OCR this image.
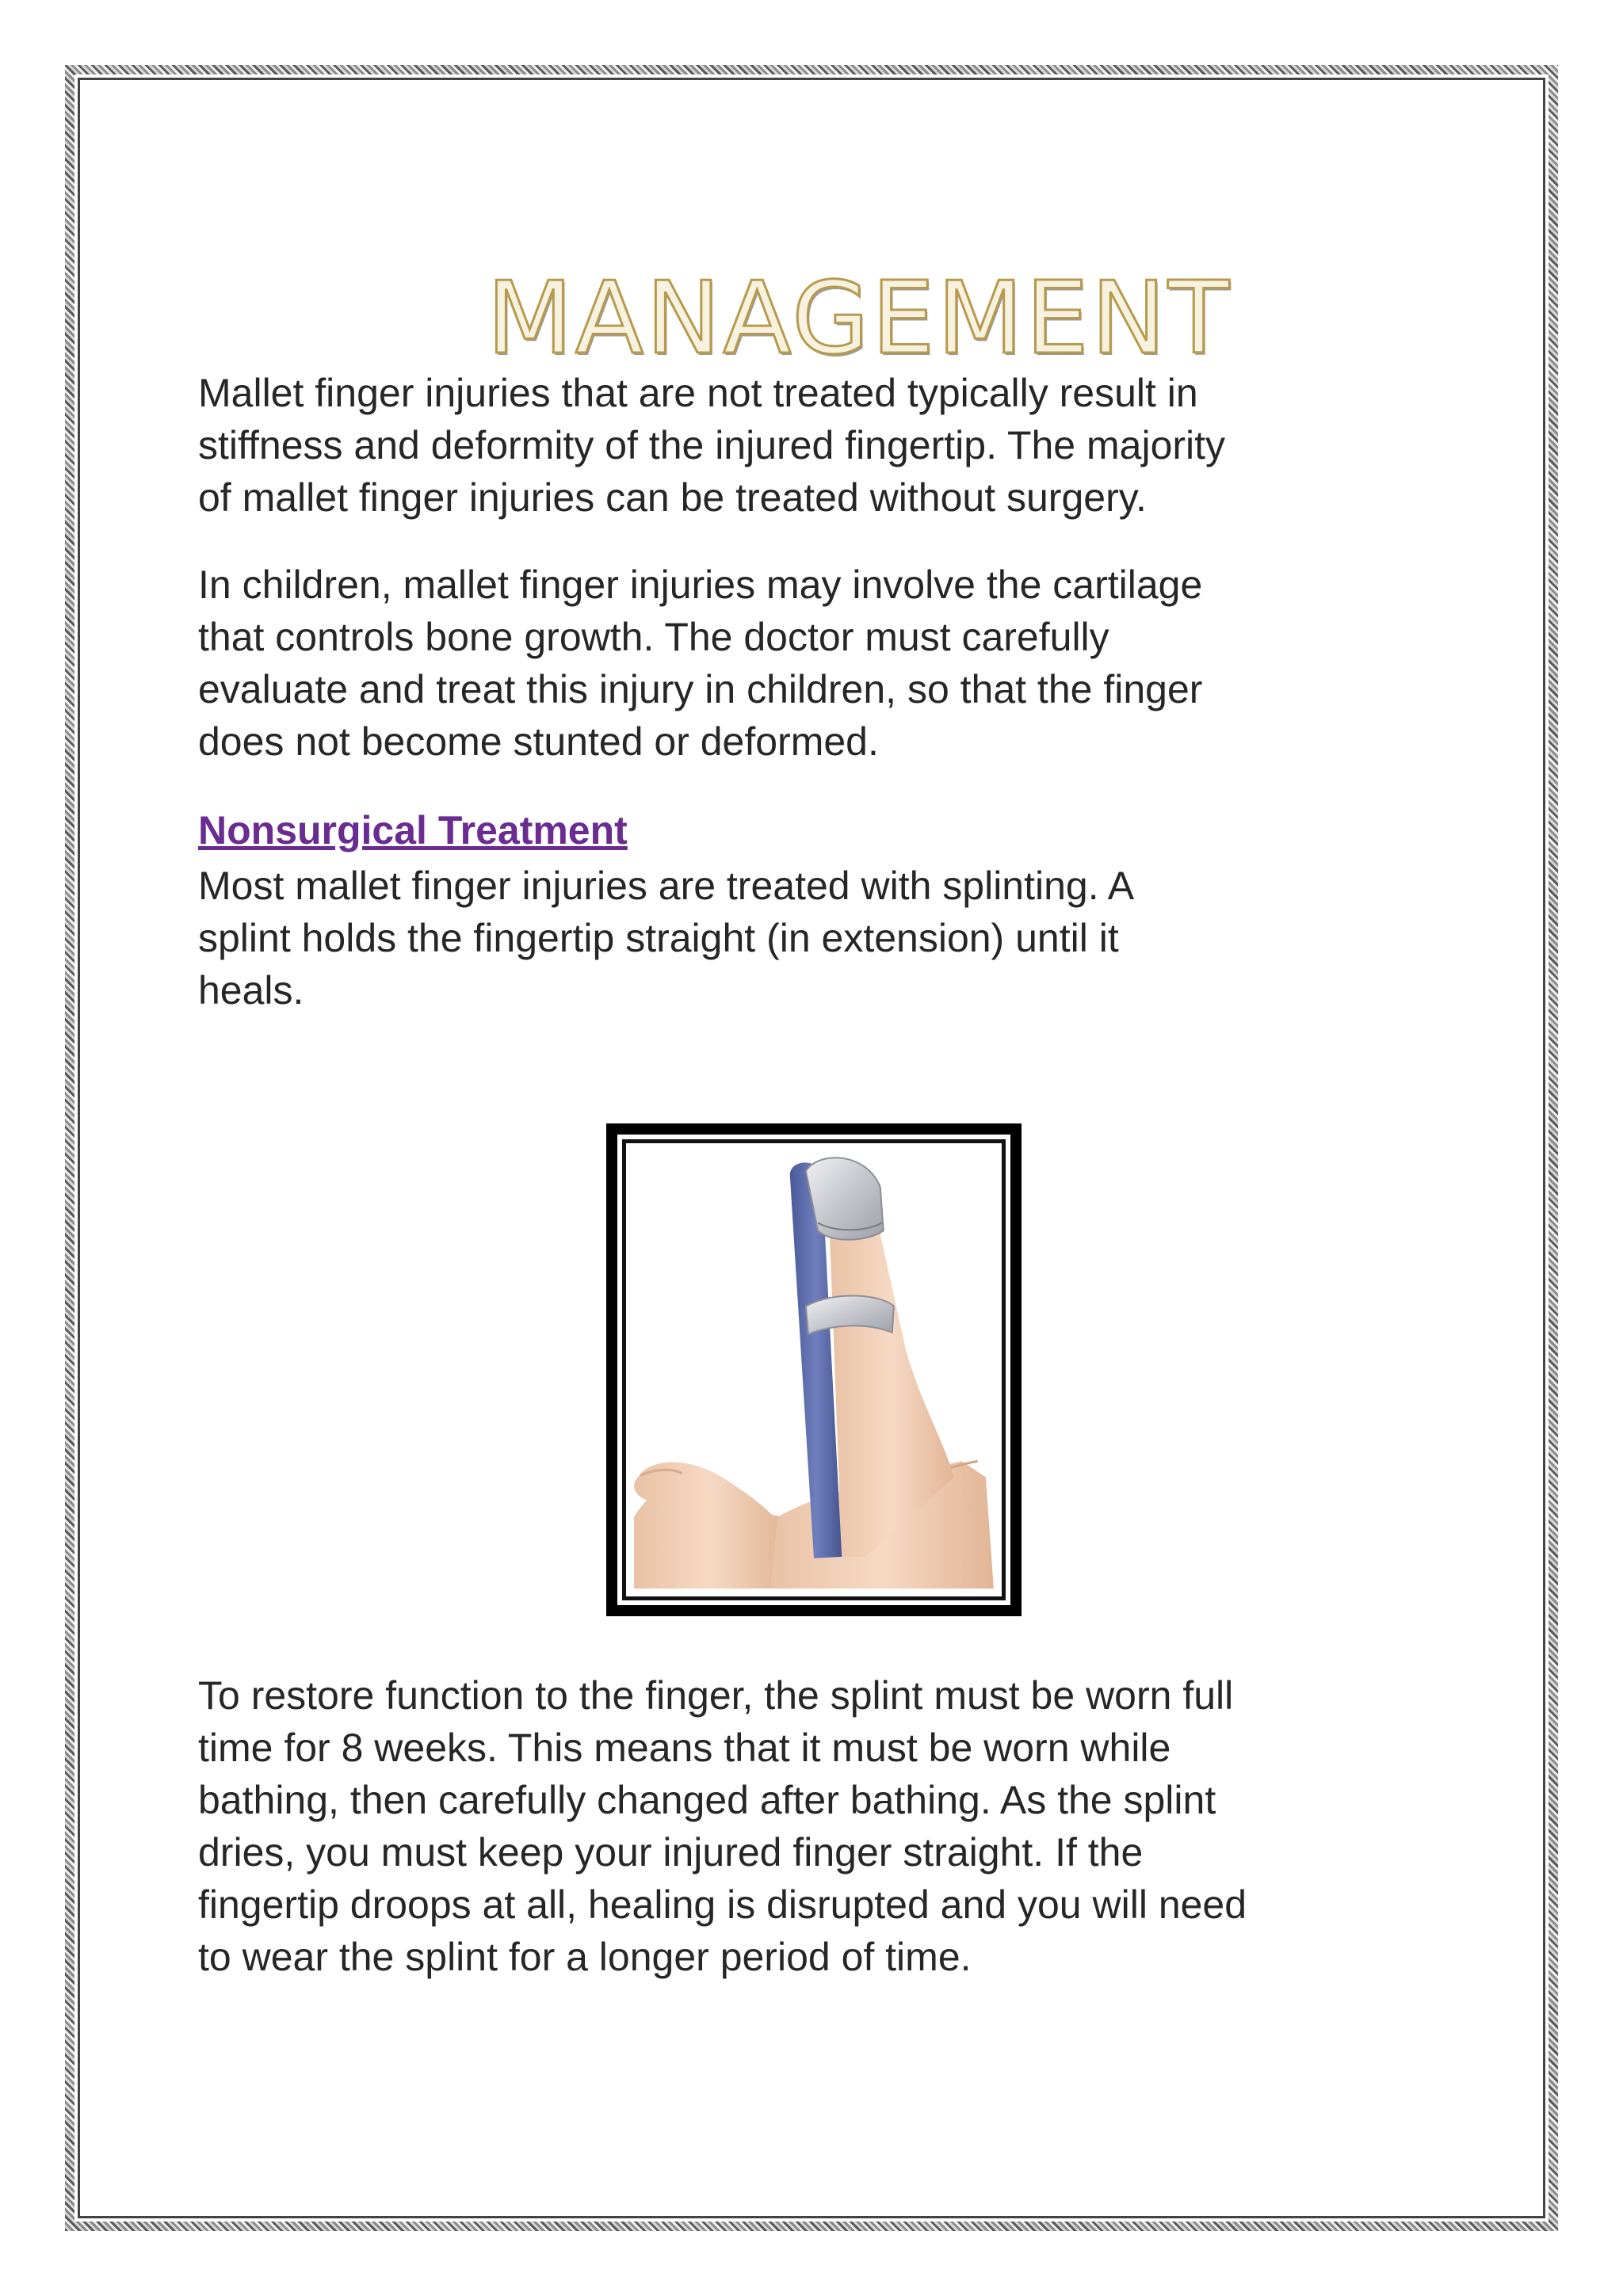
MANAGEMENT

Mallet finger injuries that are not treated typically result in
stiffness and deformity of the injured fingertip. The majority
of mallet finger injuries can be treated without surgery.

In children, mallet finger injuries may involve the cartilage
that controls bone growth. The doctor must carefully
evaluate and treat this injury in children, so that the finger
does not become stunted or deformed.

Nonsurgical Treatment

Most mallet finger injuries are treated with splinting. A
splint holds the fingertip straight (in extension) until it
heals.

To restore function to the finger, the splint must be worn full
time for 8 weeks. This means that it must be worn while
bathing, then carefully changed after bathing. As the splint
dries, you must keep your injured finger straight. If the
fingertip droops at all, healing is disrupted and you will need
to wear the splint for a longer period of time.
